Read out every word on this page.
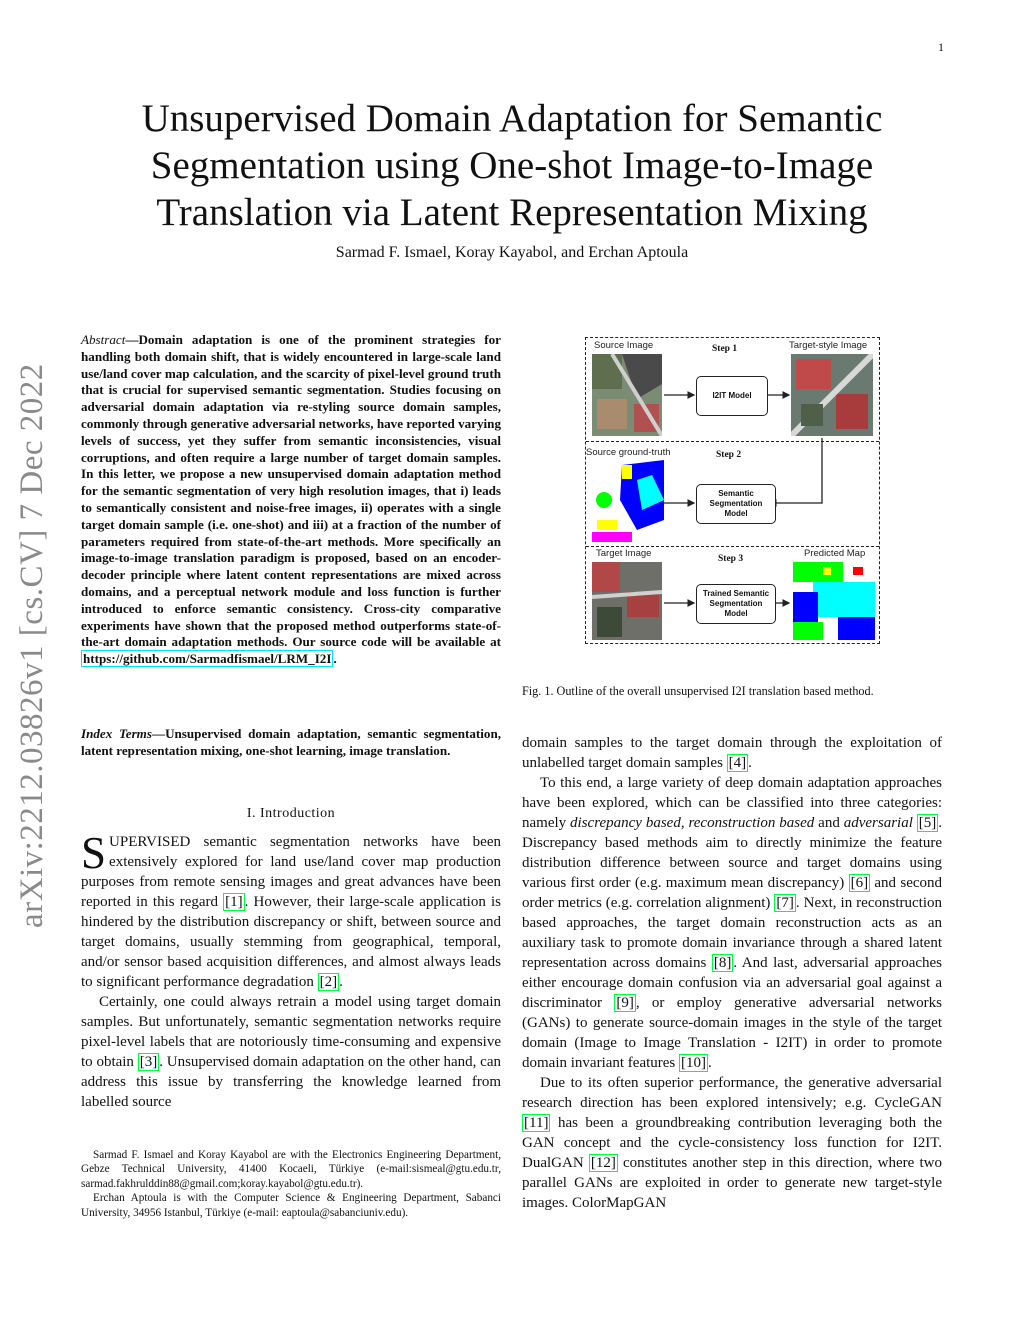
1
arXiv:2212.03826v1 [cs.CV] 7 Dec 2022
Unsupervised Domain Adaptation for Semantic Segmentation using One-shot Image-to-Image Translation via Latent Representation Mixing
Sarmad F. Ismael, Koray Kayabol, and Erchan Aptoula
Abstract—Domain adaptation is one of the prominent strategies for handling both domain shift, that is widely encountered in large-scale land use/land cover map calculation, and the scarcity of pixel-level ground truth that is crucial for supervised semantic segmentation. Studies focusing on adversarial domain adaptation via re-styling source domain samples, commonly through generative adversarial networks, have reported varying levels of success, yet they suffer from semantic inconsistencies, visual corruptions, and often require a large number of target domain samples. In this letter, we propose a new unsupervised domain adaptation method for the semantic segmentation of very high resolution images, that i) leads to semantically consistent and noise-free images, ii) operates with a single target domain sample (i.e. one-shot) and iii) at a fraction of the number of parameters required from state-of-the-art methods. More specifically an image-to-image translation paradigm is proposed, based on an encoder-decoder principle where latent content representations are mixed across domains, and a perceptual network module and loss function is further introduced to enforce semantic consistency. Cross-city comparative experiments have shown that the proposed method outperforms state-of-the-art domain adaptation methods. Our source code will be available at https://github.com/Sarmadfismael/LRM_I2I .
Index Terms—Unsupervised domain adaptation, semantic segmentation, latent representation mixing, one-shot learning, image translation.
I. Introduction

SUPERVISED semantic segmentation networks have been extensively explored for land use/land cover map production purposes from remote sensing images and great advances have been reported in this regard [1] . However, their large-scale application is hindered by the distribution discrepancy or shift, between source and target domains, usually stemming from geographical, temporal, and/or sensor based acquisition differences, and almost always leads to significant performance degradation [2] .

Certainly, one could always retrain a model using target domain samples. But unfortunately, semantic segmentation networks require pixel-level labels that are notoriously time-consuming and expensive to obtain [3] . Unsupervised domain adaptation on the other hand, can address this issue by transferring the knowledge learned from labelled source

Sarmad F. Ismael and Koray Kayabol are with the Electronics Engineering Department, Gebze Technical University, 41400 Kocaeli, Türkiye (e-mail:sismeal@gtu.edu.tr, sarmad.fakhrulddin88@gmail.com;koray.kayabol@gtu.edu.tr).

Erchan Aptoula is with the Computer Science & Engineering Department, Sabanci University, 34956 Istanbul, Türkiye (e-mail: eaptoula@sabanciuniv.edu).

Source Image	Step 1	Target-style Image
I2IT Model
Source ground-truth	Step 2
Semantic Segmentation Model
Target Image	Step 3	Predicted Map
Trained Semantic Segmentation Model
Fig. 1. Outline of the overall unsupervised I2I translation based method.

domain samples to the target domain through the exploitation of unlabelled target domain samples [4] .

To this end, a large variety of deep domain adaptation approaches have been explored, which can be classified into three categories: namely discrepancy based, reconstruction based and adversarial [5] . Discrepancy based methods aim to directly minimize the feature distribution difference between source and target domains using various first order (e.g. maximum mean discrepancy) [6] and second order metrics (e.g. correlation alignment) [7] . Next, in reconstruction based approaches, the target domain reconstruction acts as an auxiliary task to promote domain invariance through a shared latent representation across domains [8] . And last, adversarial approaches either encourage domain confusion via an adversarial goal against a discriminator [9] , or employ generative adversarial networks (GANs) to generate source-domain images in the style of the target domain (Image to Image Translation - I2IT) in order to promote domain invariant features [10] .

Due to its often superior performance, the generative adversarial research direction has been explored intensively; e.g. CycleGAN [11] has been a groundbreaking contribution leveraging both the GAN concept and the cycle-consistency loss function for I2IT. DualGAN [12] constitutes another step in this direction, where two parallel GANs are exploited in order to generate new target-style images. ColorMapGAN
